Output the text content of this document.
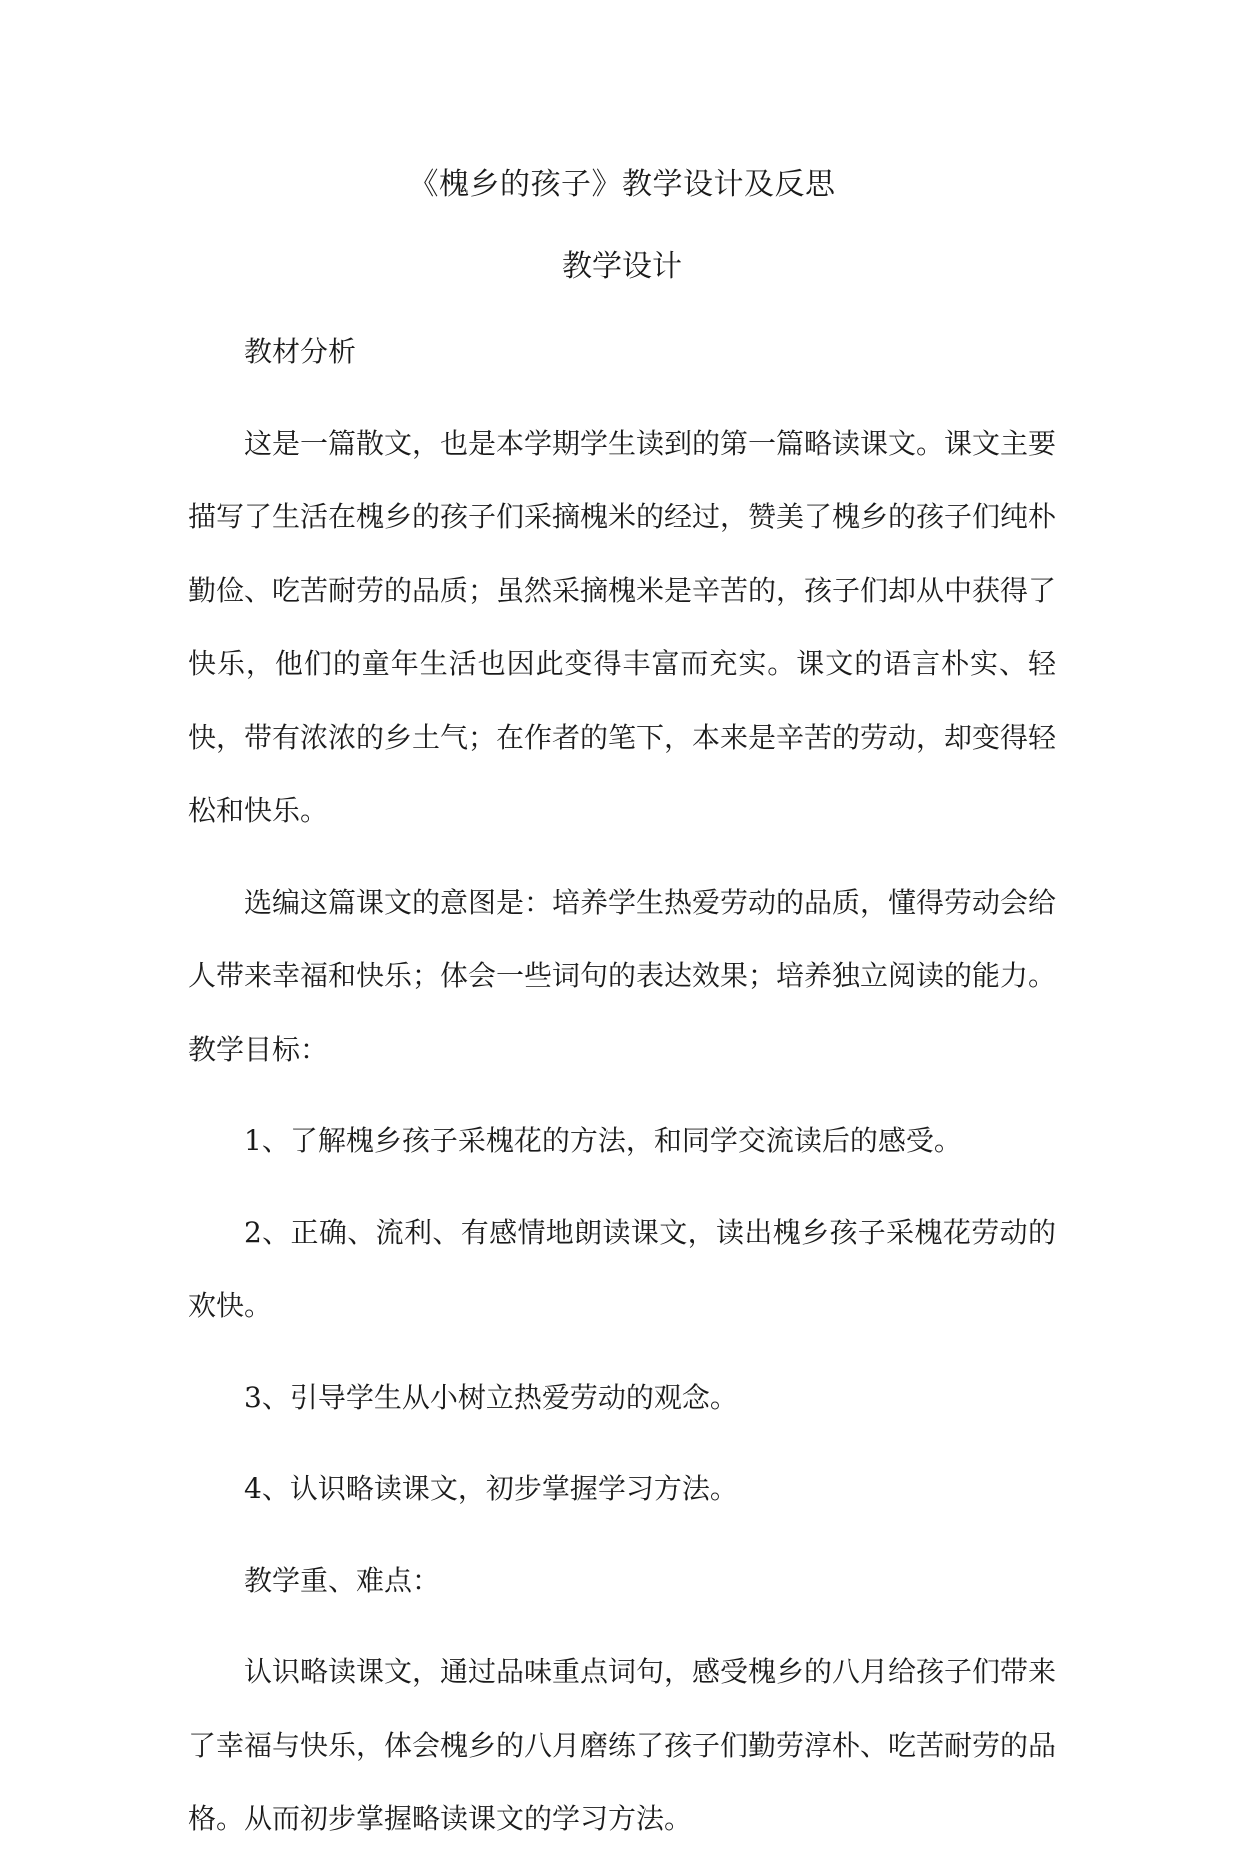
《槐乡的孩子》教学设计及反思
教学设计

教材分析

这是一篇散文，也是本学期学生读到的第一篇略读课文。课文主要描写了生活在槐乡的孩子们采摘槐米的经过，赞美了槐乡的孩子们纯朴勤俭、吃苦耐劳的品质；虽然采摘槐米是辛苦的，孩子们却从中获得了快乐，他们的童年生活也因此变得丰富而充实。课文的语言朴实、轻快，带有浓浓的乡土气；在作者的笔下，本来是辛苦的劳动，却变得轻松和快乐。

选编这篇课文的意图是：培养学生热爱劳动的品质，懂得劳动会给人带来幸福和快乐；体会一些词句的表达效果；培养独立阅读的能力。教学目标：

1、了解槐乡孩子采槐花的方法，和同学交流读后的感受。

2、正确、流利、有感情地朗读课文，读出槐乡孩子采槐花劳动的欢快。

3、引导学生从小树立热爱劳动的观念。

4、认识略读课文，初步掌握学习方法。

教学重、难点：

认识略读课文，通过品味重点词句，感受槐乡的八月给孩子们带来了幸福与快乐，体会槐乡的八月磨练了孩子们勤劳淳朴、吃苦耐劳的品格。从而初步掌握略读课文的学习方法。
